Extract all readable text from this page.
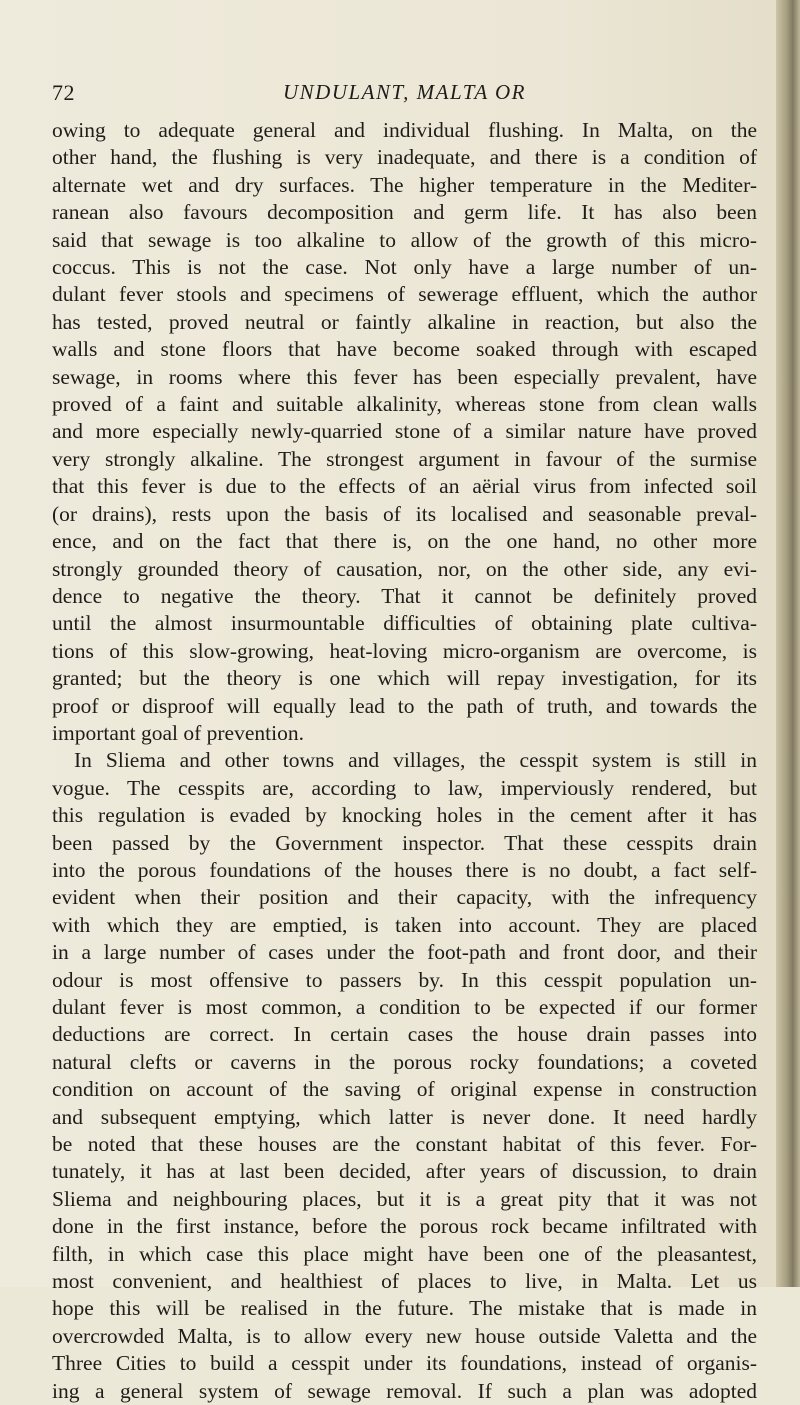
72	UNDULANT, MALTA OR
owing to adequate general and individual flushing. In Malta, on the
other hand, the flushing is very inadequate, and there is a condition of
alternate wet and dry surfaces. The higher temperature in the Mediter-
ranean also favours decomposition and germ life. It has also been
said that sewage is too alkaline to allow of the growth of this micro-
coccus. This is not the case. Not only have a large number of un-
dulant fever stools and specimens of sewerage effluent, which the author
has tested, proved neutral or faintly alkaline in reaction, but also the
walls and stone floors that have become soaked through with escaped
sewage, in rooms where this fever has been especially prevalent, have
proved of a faint and suitable alkalinity, whereas stone from clean walls
and more especially newly-quarried stone of a similar nature have proved
very strongly alkaline. The strongest argument in favour of the surmise
that this fever is due to the effects of an aërial virus from infected soil
(or drains), rests upon the basis of its localised and seasonable preval-
ence, and on the fact that there is, on the one hand, no other more
strongly grounded theory of causation, nor, on the other side, any evi-
dence to negative the theory. That it cannot be definitely proved
until the almost insurmountable difficulties of obtaining plate cultiva-
tions of this slow-growing, heat-loving micro-organism are overcome, is
granted; but the theory is one which will repay investigation, for its
proof or disproof will equally lead to the path of truth, and towards the
important goal of prevention.
In Sliema and other towns and villages, the cesspit system is still in
vogue. The cesspits are, according to law, imperviously rendered, but
this regulation is evaded by knocking holes in the cement after it has
been passed by the Government inspector. That these cesspits drain
into the porous foundations of the houses there is no doubt, a fact self-
evident when their position and their capacity, with the infrequency
with which they are emptied, is taken into account. They are placed
in a large number of cases under the foot-path and front door, and their
odour is most offensive to passers by. In this cesspit population un-
dulant fever is most common, a condition to be expected if our former
deductions are correct. In certain cases the house drain passes into
natural clefts or caverns in the porous rocky foundations; a coveted
condition on account of the saving of original expense in construction
and subsequent emptying, which latter is never done. It need hardly
be noted that these houses are the constant habitat of this fever. For-
tunately, it has at last been decided, after years of discussion, to drain
Sliema and neighbouring places, but it is a great pity that it was not
done in the first instance, before the porous rock became infiltrated with
filth, in which case this place might have been one of the pleasantest,
most convenient, and healthiest of places to live, in Malta. Let us
hope this will be realised in the future. The mistake that is made in
overcrowded Malta, is to allow every new house outside Valetta and the
Three Cities to build a cesspit under its foundations, instead of organis-
ing a general system of sewage removal. If such a plan was adopted
